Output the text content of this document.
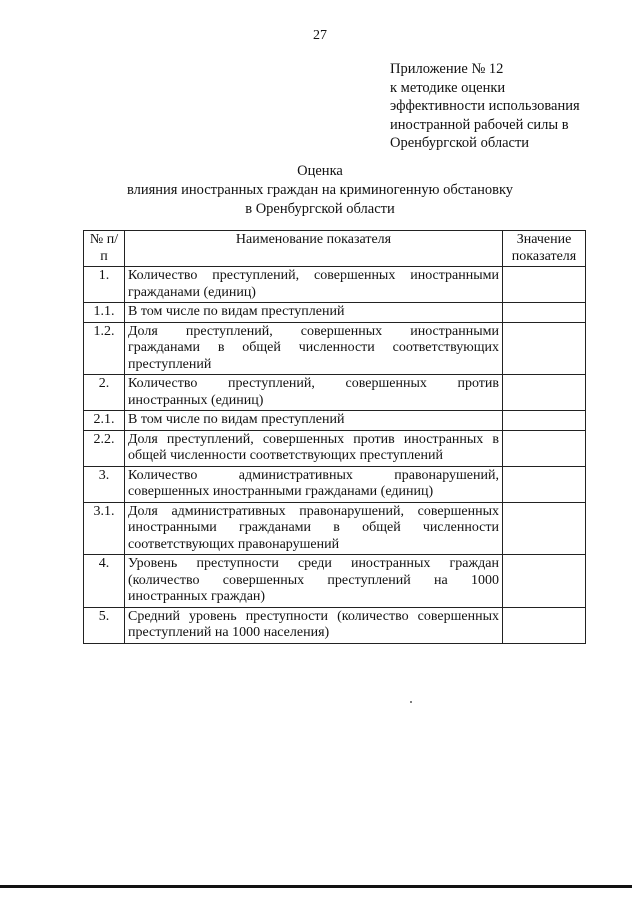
27
Приложение № 12
к методике оценки
эффективности использования
иностранной рабочей силы в
Оренбургской области
Оценка
влияния иностранных граждан на криминогенную обстановку
в Оренбургской области
№ п/п	Наименование показателя	Значение показателя
1.	Количество преступлений, совершенных иностранными гражданами (единиц)	
1.1.	В том числе по видам преступлений	
1.2.	Доля преступлений, совершенных иностранными гражданами в общей численности соответствующих преступлений	
2.	Количество преступлений, совершенных против иностранных (единиц)	
2.1.	В том числе по видам преступлений	
2.2.	Доля преступлений, совершенных против иностранных в общей численности соответствующих преступлений	
3.	Количество административных правонарушений, совершенных иностранными гражданами (единиц)	
3.1.	Доля административных правонарушений, совершенных иностранными гражданами в общей численности соответствующих правонарушений	
4.	Уровень преступности среди иностранных граждан (количество совершенных преступлений на 1000 иностранных граждан)	
5.	Средний уровень преступности (количество совершенных преступлений на 1000 населения)	
